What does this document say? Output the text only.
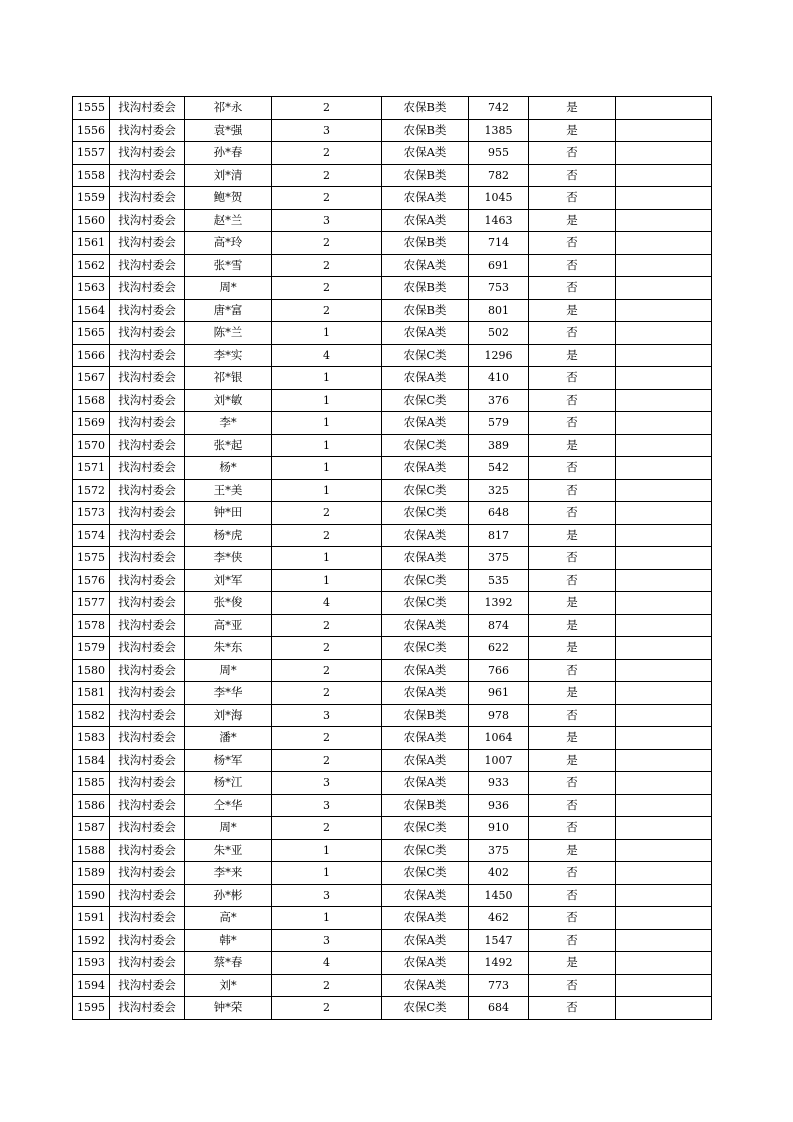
1555	找沟村委会	祁*永	2	农保B类	742	是	
1556	找沟村委会	袁*强	3	农保B类	1385	是	
1557	找沟村委会	孙*春	2	农保A类	955	否	
1558	找沟村委会	刘*清	2	农保B类	782	否	
1559	找沟村委会	鲍*贺	2	农保A类	1045	否	
1560	找沟村委会	赵*兰	3	农保A类	1463	是	
1561	找沟村委会	高*玲	2	农保B类	714	否	
1562	找沟村委会	张*雪	2	农保A类	691	否	
1563	找沟村委会	周*	2	农保B类	753	否	
1564	找沟村委会	唐*富	2	农保B类	801	是	
1565	找沟村委会	陈*兰	1	农保A类	502	否	
1566	找沟村委会	李*实	4	农保C类	1296	是	
1567	找沟村委会	祁*银	1	农保A类	410	否	
1568	找沟村委会	刘*敏	1	农保C类	376	否	
1569	找沟村委会	李*	1	农保A类	579	否	
1570	找沟村委会	张*起	1	农保C类	389	是	
1571	找沟村委会	杨*	1	农保A类	542	否	
1572	找沟村委会	王*美	1	农保C类	325	否	
1573	找沟村委会	钟*田	2	农保C类	648	否	
1574	找沟村委会	杨*虎	2	农保A类	817	是	
1575	找沟村委会	李*侠	1	农保A类	375	否	
1576	找沟村委会	刘*军	1	农保C类	535	否	
1577	找沟村委会	张*俊	4	农保C类	1392	是	
1578	找沟村委会	高*亚	2	农保A类	874	是	
1579	找沟村委会	朱*东	2	农保C类	622	是	
1580	找沟村委会	周*	2	农保A类	766	否	
1581	找沟村委会	李*华	2	农保A类	961	是	
1582	找沟村委会	刘*海	3	农保B类	978	否	
1583	找沟村委会	潘*	2	农保A类	1064	是	
1584	找沟村委会	杨*军	2	农保A类	1007	是	
1585	找沟村委会	杨*江	3	农保A类	933	否	
1586	找沟村委会	仝*华	3	农保B类	936	否	
1587	找沟村委会	周*	2	农保C类	910	否	
1588	找沟村委会	朱*亚	1	农保C类	375	是	
1589	找沟村委会	李*来	1	农保C类	402	否	
1590	找沟村委会	孙*彬	3	农保A类	1450	否	
1591	找沟村委会	高*	1	农保A类	462	否	
1592	找沟村委会	韩*	3	农保A类	1547	否	
1593	找沟村委会	蔡*春	4	农保A类	1492	是	
1594	找沟村委会	刘*	2	农保A类	773	否	
1595	找沟村委会	钟*荣	2	农保C类	684	否	
